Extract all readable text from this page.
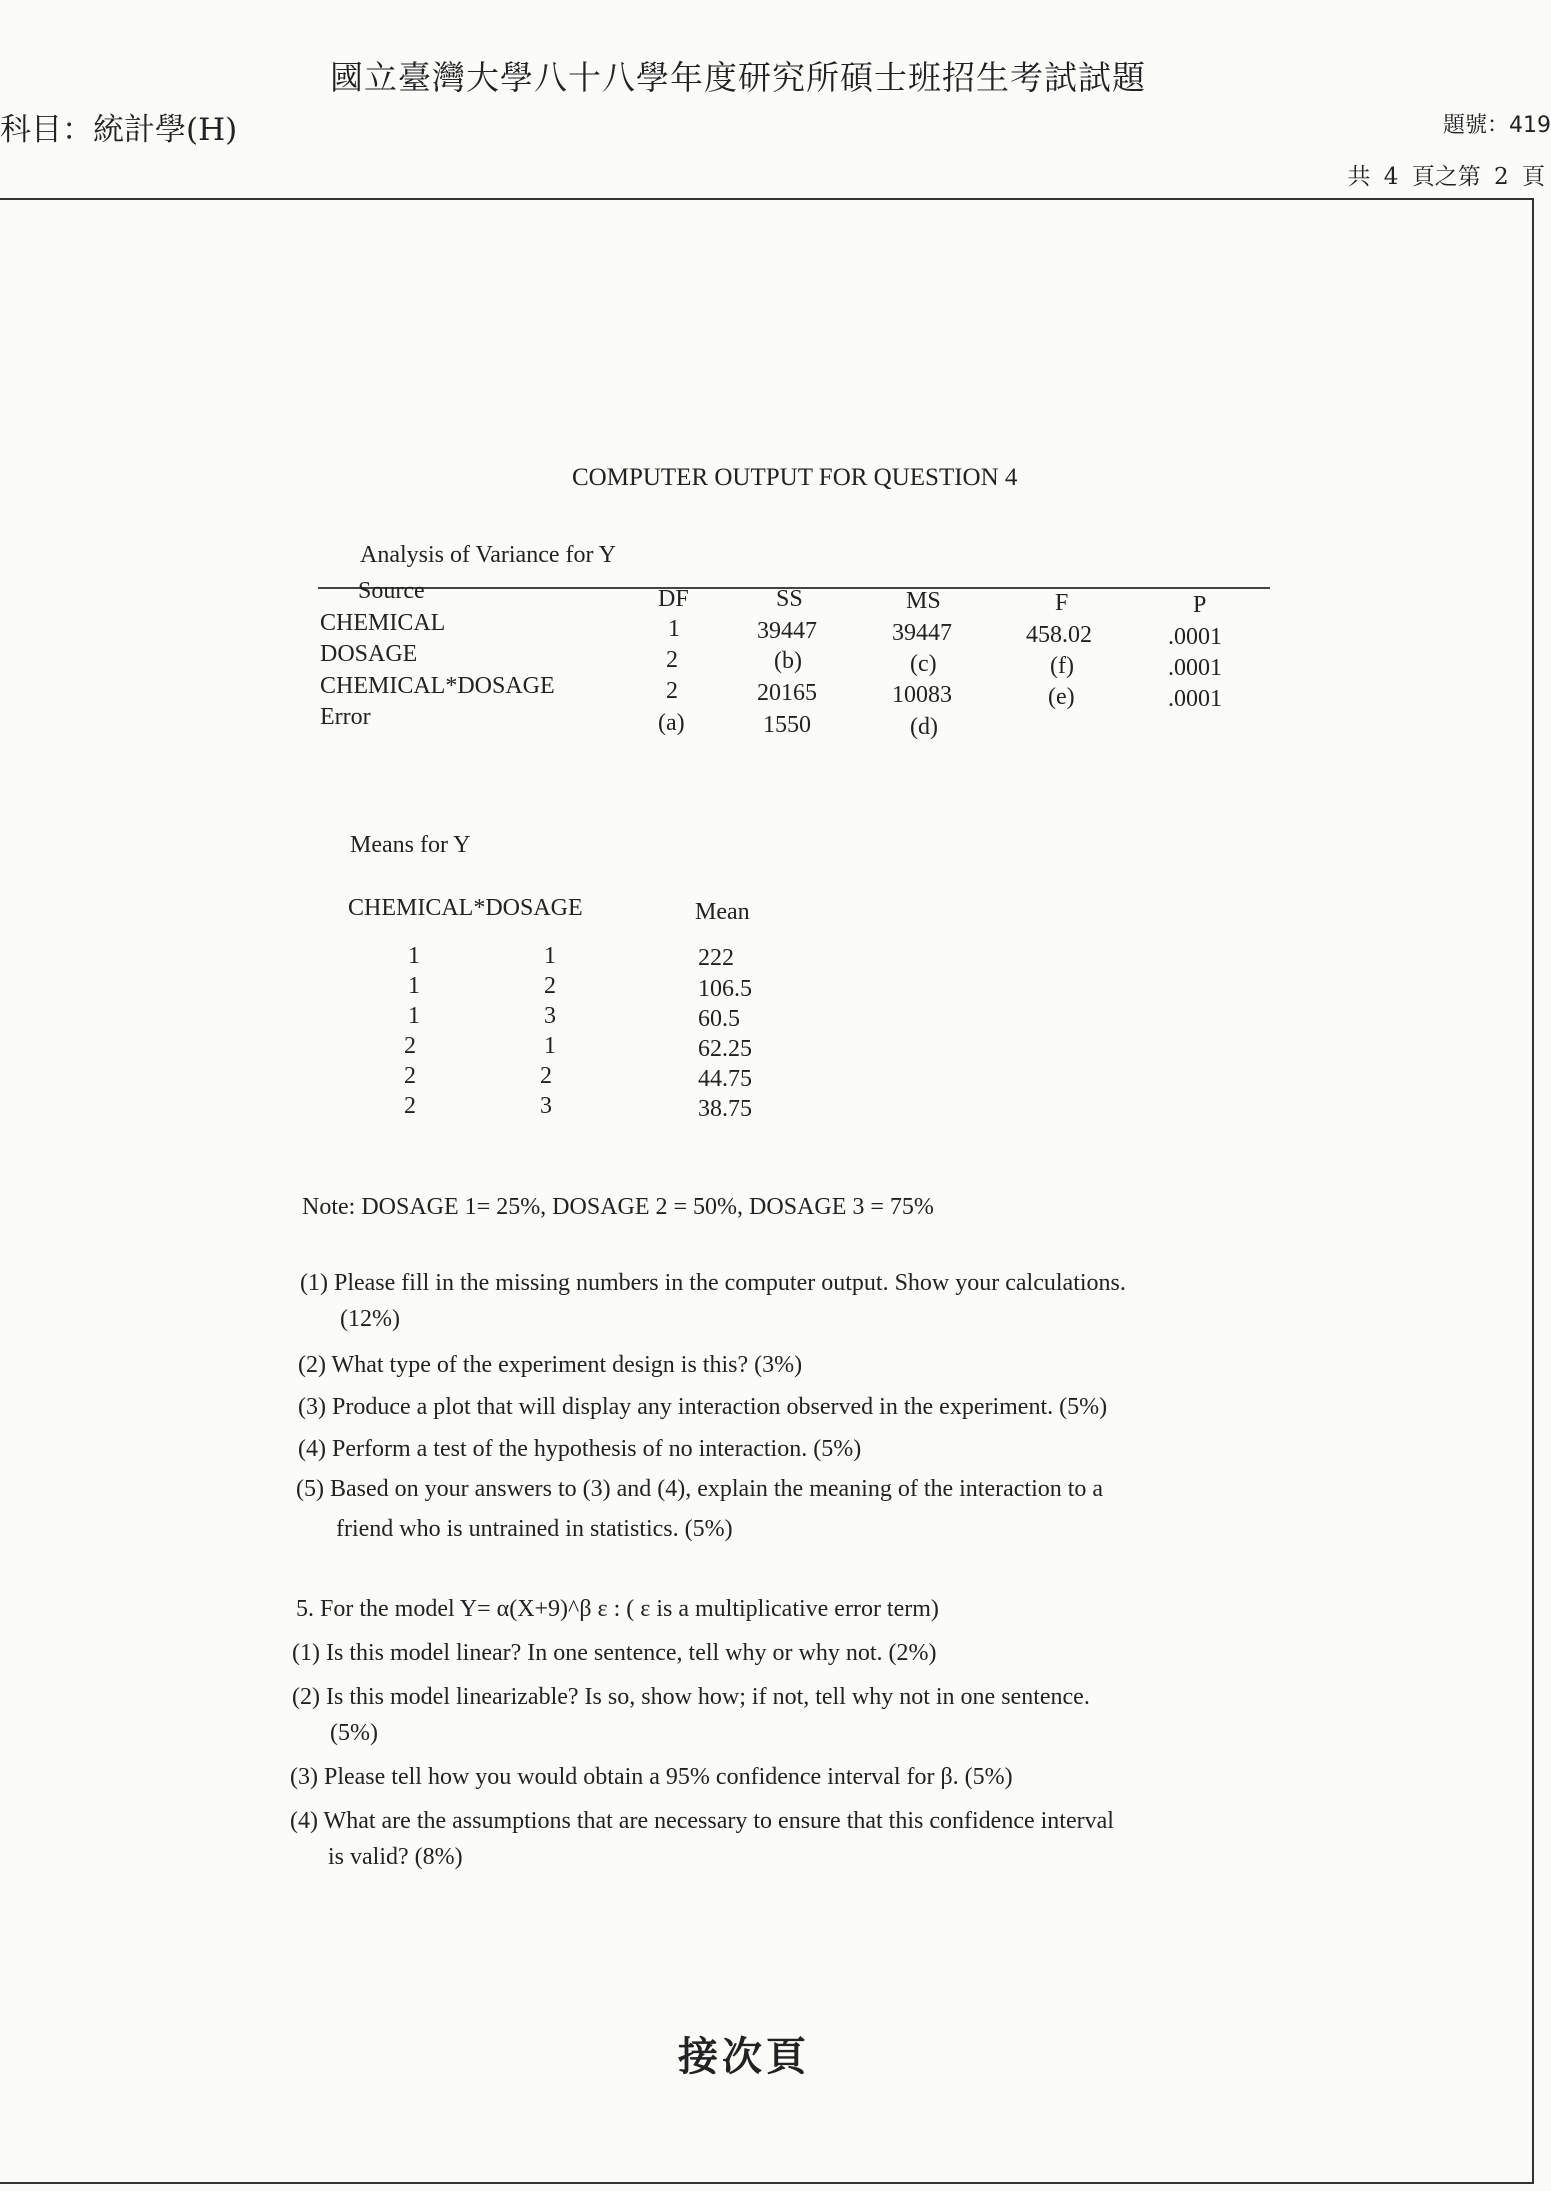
國立臺灣大學八十八學年度研究所碩士班招生考試試題
科目：統計學(H)	題號：419
共 4 頁之第 2 頁
COMPUTER OUTPUT FOR QUESTION 4
Analysis of Variance for Y
Source	DF	SS	MS	F	P
CHEMICAL	1	39447	39447	458.02	.0001
DOSAGE	2	(b)	(c)	(f)	.0001
CHEMICAL*DOSAGE	2	20165	10083	(e)	.0001
Error	(a)	1550	(d)
Means for Y
CHEMICAL*DOSAGE	Mean
1	1	222
1	2	106.5
1	3	60.5
2	1	62.25
2	2	44.75
2	3	38.75
Note: DOSAGE 1= 25%, DOSAGE 2 = 50%, DOSAGE 3 = 75%
(1) Please fill in the missing numbers in the computer output. Show your calculations.
(12%)
(2) What type of the experiment design is this? (3%)
(3) Produce a plot that will display any interaction observed in the experiment. (5%)
(4) Perform a test of the hypothesis of no interaction. (5%)
(5) Based on your answers to (3) and (4), explain the meaning of the interaction to a
friend who is untrained in statistics. (5%)
5. For the model Y= α(X+9)^β ε : ( ε is a multiplicative error term)
(1) Is this model linear? In one sentence, tell why or why not. (2%)
(2) Is this model linearizable? Is so, show how; if not, tell why not in one sentence.
(5%)
(3) Please tell how you would obtain a 95% confidence interval for β. (5%)
(4) What are the assumptions that are necessary to ensure that this confidence interval
is valid? (8%)
接次頁
